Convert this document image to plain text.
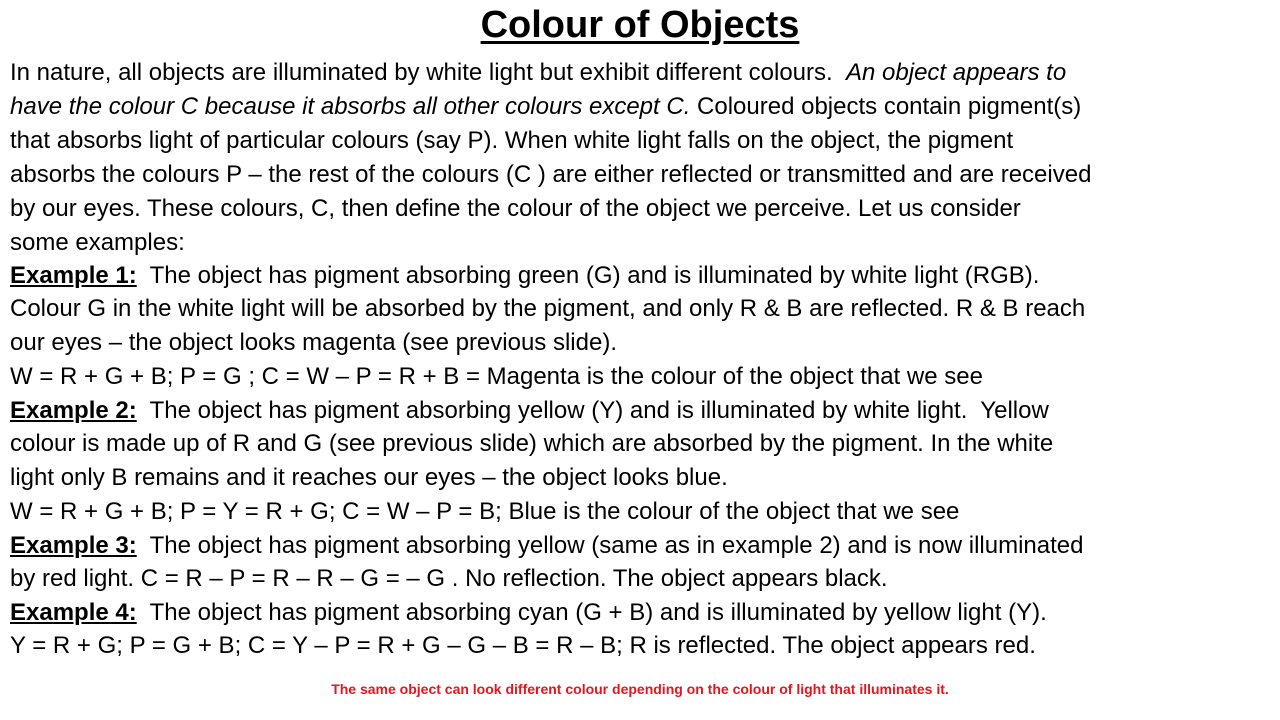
Colour of Objects
In nature, all objects are illuminated by white light but exhibit different colours.  An object appears to
have the colour C because it absorbs all other colours except C. Coloured objects contain pigment(s)
that absorbs light of particular colours (say P). When white light falls on the object, the pigment
absorbs the colours P – the rest of the colours (C ) are either reflected or transmitted and are received
by our eyes. These colours, C, then define the colour of the object we perceive. Let us consider
some examples:
Example 1:  The object has pigment absorbing green (G) and is illuminated by white light (RGB).
Colour G in the white light will be absorbed by the pigment, and only R & B are reflected. R & B reach
our eyes – the object looks magenta (see previous slide).
W = R + G + B; P = G ; C = W – P = R + B = Magenta is the colour of the object that we see
Example 2:  The object has pigment absorbing yellow (Y) and is illuminated by white light.  Yellow
colour is made up of R and G (see previous slide) which are absorbed by the pigment. In the white
light only B remains and it reaches our eyes – the object looks blue.
W = R + G + B; P = Y = R + G; C = W – P = B; Blue is the colour of the object that we see
Example 3:  The object has pigment absorbing yellow (same as in example 2) and is now illuminated
by red light. C = R – P = R – R – G = – G . No reflection. The object appears black.
Example 4:  The object has pigment absorbing cyan (G + B) and is illuminated by yellow light (Y).
Y = R + G; P = G + B; C = Y – P = R + G – G – B = R – B; R is reflected. The object appears red.
The same object can look different colour depending on the colour of light that illuminates it.
